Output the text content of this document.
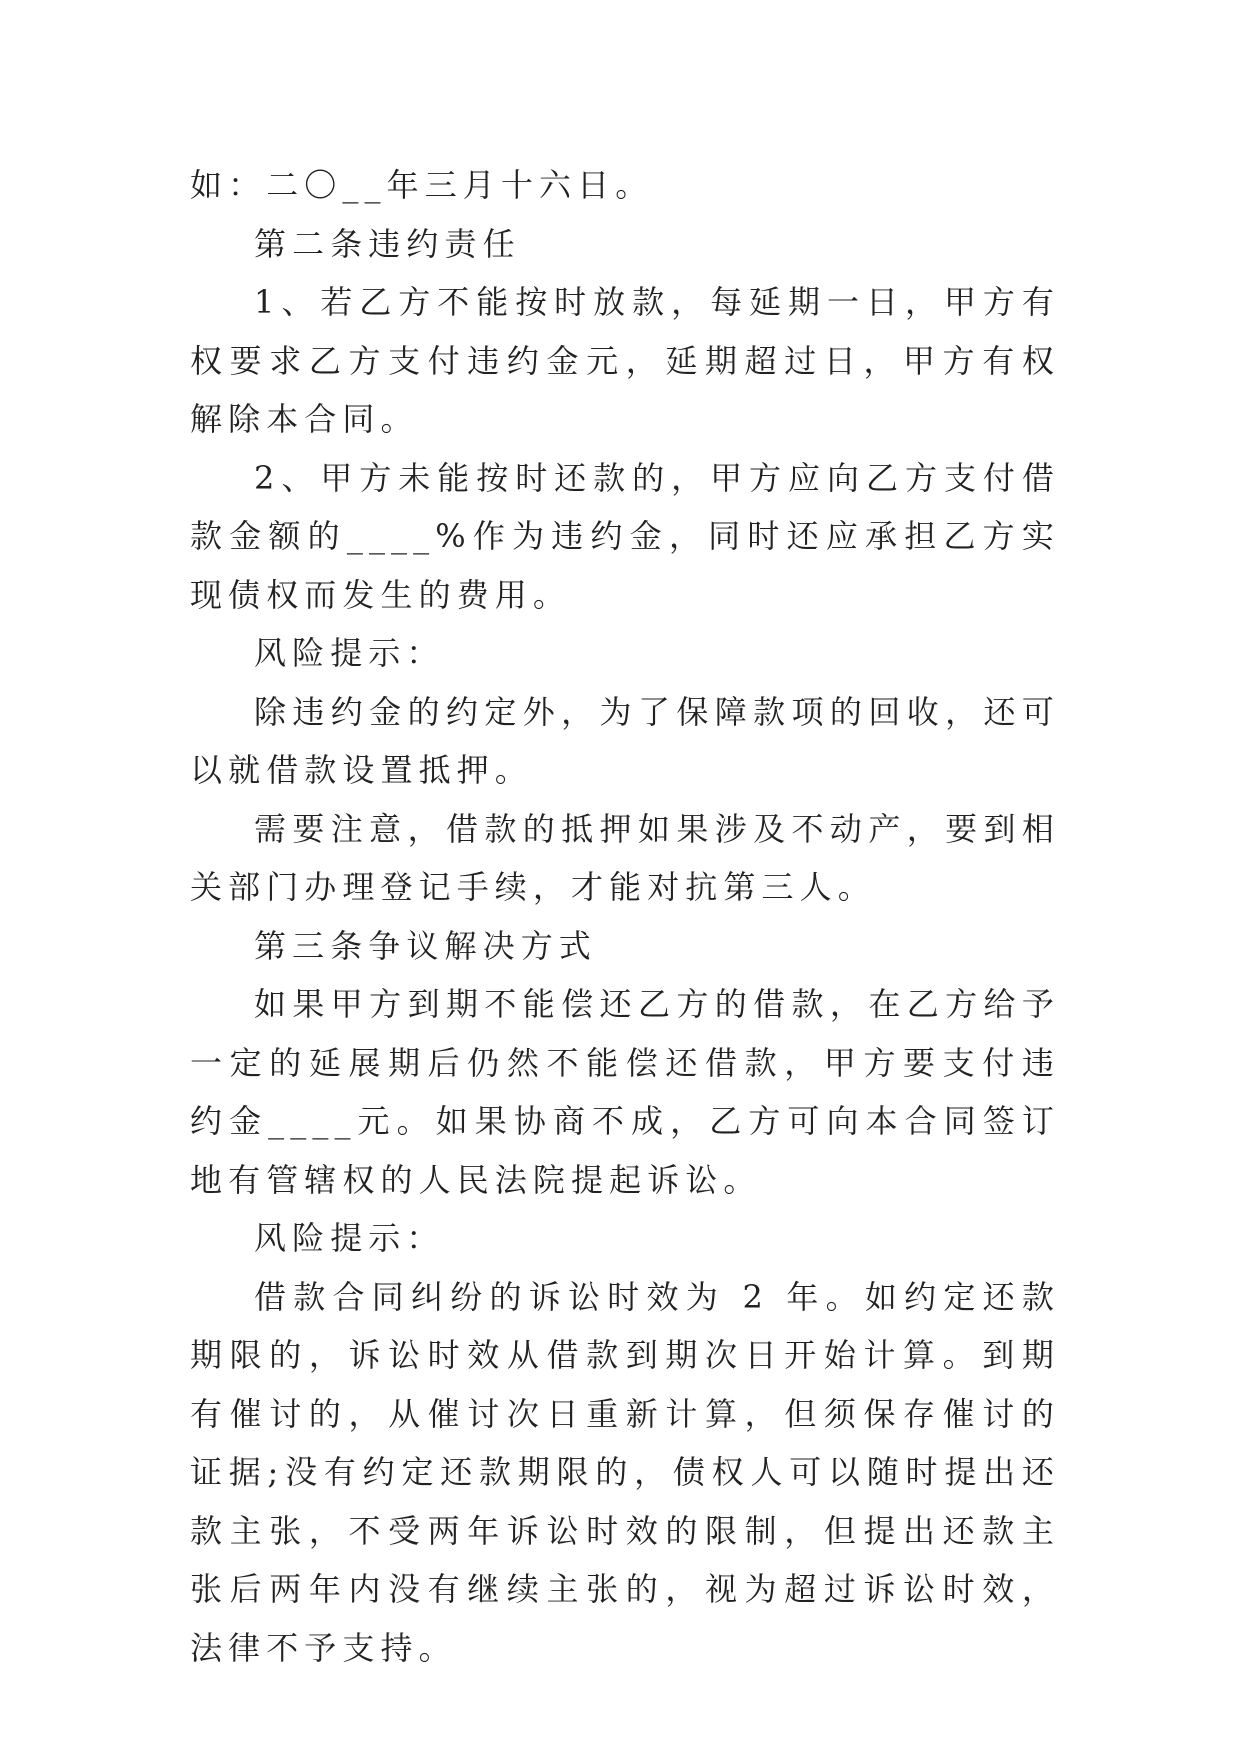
如：二〇__年三月十六日。

第二条违约责任

1、若乙方不能按时放款，每延期一日，甲方有权要求乙方支付违约金元，延期超过日，甲方有权解除本合同。

2、甲方未能按时还款的，甲方应向乙方支付借款金额的____%作为违约金，同时还应承担乙方实现债权而发生的费用。

风险提示：

除违约金的约定外，为了保障款项的回收，还可以就借款设置抵押。

需要注意，借款的抵押如果涉及不动产，要到相关部门办理登记手续，才能对抗第三人。

第三条争议解决方式

如果甲方到期不能偿还乙方的借款，在乙方给予一定的延展期后仍然不能偿还借款，甲方要支付违约金____元。如果协商不成，乙方可向本合同签订地有管辖权的人民法院提起诉讼。

风险提示：

借款合同纠纷的诉讼时效为 2 年。如约定还款期限的，诉讼时效从借款到期次日开始计算。到期有催讨的，从催讨次日重新计算，但须保存催讨的证据;没有约定还款期限的，债权人可以随时提出还款主张，不受两年诉讼时效的限制，但提出还款主张后两年内没有继续主张的，视为超过诉讼时效，法律不予支持。
